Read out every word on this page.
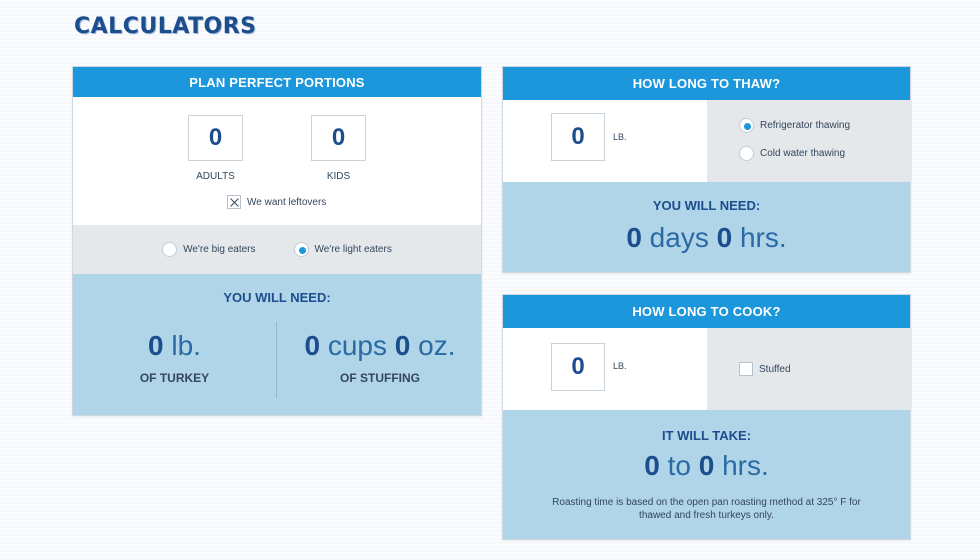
CALCULATORS
PLAN PERFECT PORTIONS
0
ADULTS
0
KIDS
We want leftovers
We're big eaters	We're light eaters
YOU WILL NEED:
0 lb.
OF TURKEY
0 cups 0 oz.
OF STUFFING
HOW LONG TO THAW?
0	LB.
Refrigerator thawing
Cold water thawing
YOU WILL NEED:
0 days 0 hrs.
HOW LONG TO COOK?
0	LB.	Stuffed
IT WILL TAKE:
0 to 0 hrs.
Roasting time is based on the open pan roasting method at 325° F for
thawed and fresh turkeys only.
